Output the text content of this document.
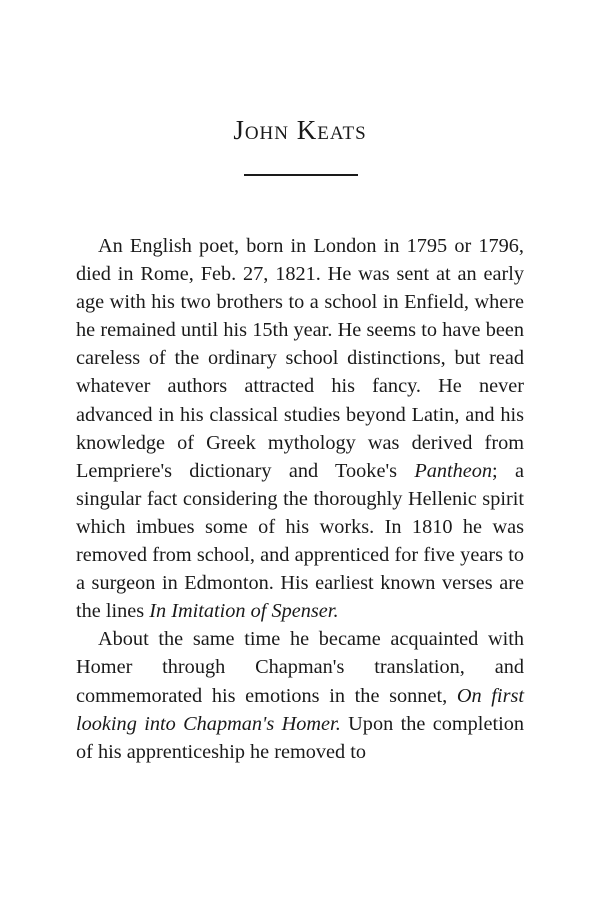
John Keats

An English poet, born in London in 1795 or 1796, died in Rome, Feb. 27, 1821. He was sent at an early age with his two brothers to a school in Enfield, where he remained until his 15th year. He seems to have been careless of the ordinary school distinctions, but read whatever authors attracted his fancy. He never advanced in his classical studies beyond Latin, and his knowledge of Greek mythology was derived from Lempriere's dictionary and Tooke's Pantheon; a singular fact considering the thoroughly Hellenic spirit which imbues some of his works. In 1810 he was removed from school, and apprenticed for five years to a surgeon in Edmonton. His earliest known verses are the lines In Imitation of Spenser.

About the same time he became acquainted with Homer through Chapman's translation, and commemorated his emotions in the sonnet, On first looking into Chapman's Homer. Upon the completion of his apprenticeship he removed to
